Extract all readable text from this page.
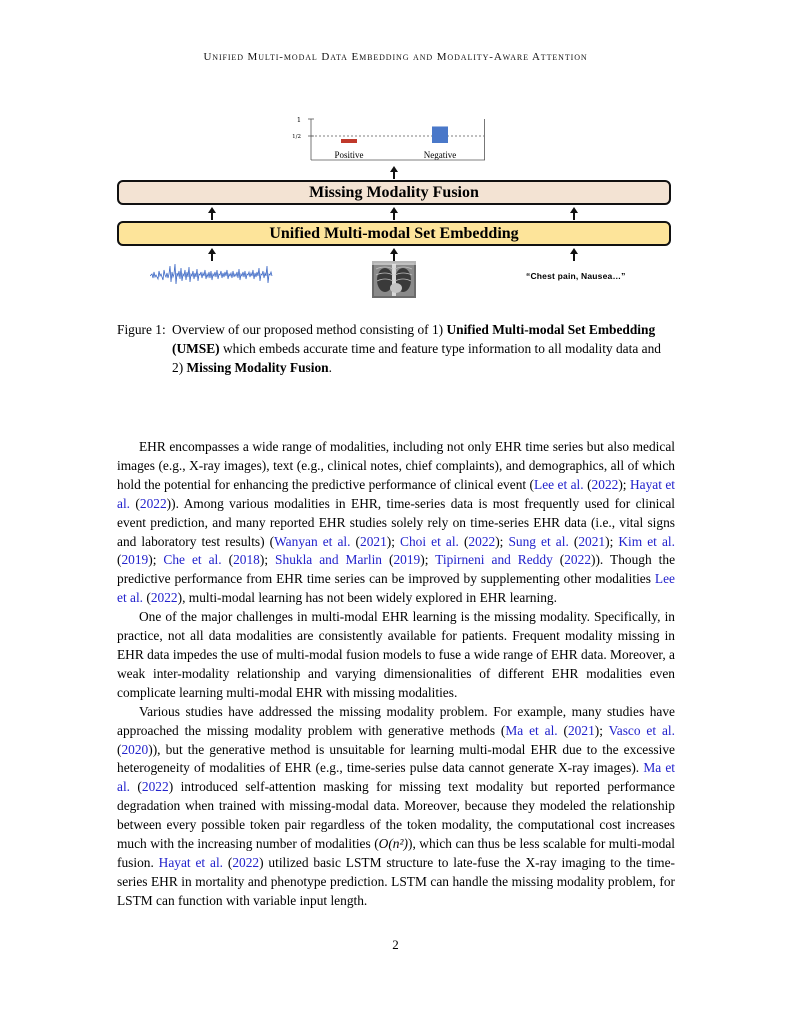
Unified Multi-modal Data Embedding and Modality-Aware Attention
1
1/2
Positive	Negative
Missing Modality Fusion
Unified Multi-modal Set Embedding
“Chest pain, Nausea…”
Figure 1: Overview of our proposed method consisting of 1) Unified Multi-modal Set Embedding (UMSE) which embeds accurate time and feature type information to all modality data and 2) Missing Modality Fusion.

EHR encompasses a wide range of modalities, including not only EHR time series but also medical images (e.g., X-ray images), text (e.g., clinical notes, chief complaints), and demographics, all of which hold the potential for enhancing the predictive performance of clinical event (Lee et al. (2022); Hayat et al. (2022)). Among various modalities in EHR, time-series data is most frequently used for clinical event prediction, and many reported EHR studies solely rely on time-series EHR data (i.e., vital signs and laboratory test results) (Wanyan et al. (2021); Choi et al. (2022); Sung et al. (2021); Kim et al. (2019); Che et al. (2018); Shukla and Marlin (2019); Tipirneni and Reddy (2022)). Though the predictive performance from EHR time series can be improved by supplementing other modalities Lee et al. (2022), multi-modal learning has not been widely explored in EHR learning.

One of the major challenges in multi-modal EHR learning is the missing modality. Specifically, in practice, not all data modalities are consistently available for patients. Frequent modality missing in EHR data impedes the use of multi-modal fusion models to fuse a wide range of EHR data. Moreover, a weak inter-modality relationship and varying dimensionalities of different EHR modalities even complicate learning multi-modal EHR with missing modalities.

Various studies have addressed the missing modality problem. For example, many studies have approached the missing modality problem with generative methods (Ma et al. (2021); Vasco et al. (2020)), but the generative method is unsuitable for learning multi-modal EHR due to the excessive heterogeneity of modalities of EHR (e.g., time-series pulse data cannot generate X-ray images). Ma et al. (2022) introduced self-attention masking for missing text modality but reported performance degradation when trained with missing-modal data. Moreover, because they modeled the relationship between every possible token pair regardless of the token modality, the computational cost increases much with the increasing number of modalities (O(n²)), which can thus be less scalable for multi-modal fusion. Hayat et al. (2022) utilized basic LSTM structure to late-fuse the X-ray imaging to the time-series EHR in mortality and phenotype prediction. LSTM can handle the missing modality problem, for LSTM can function with variable input length.

2
